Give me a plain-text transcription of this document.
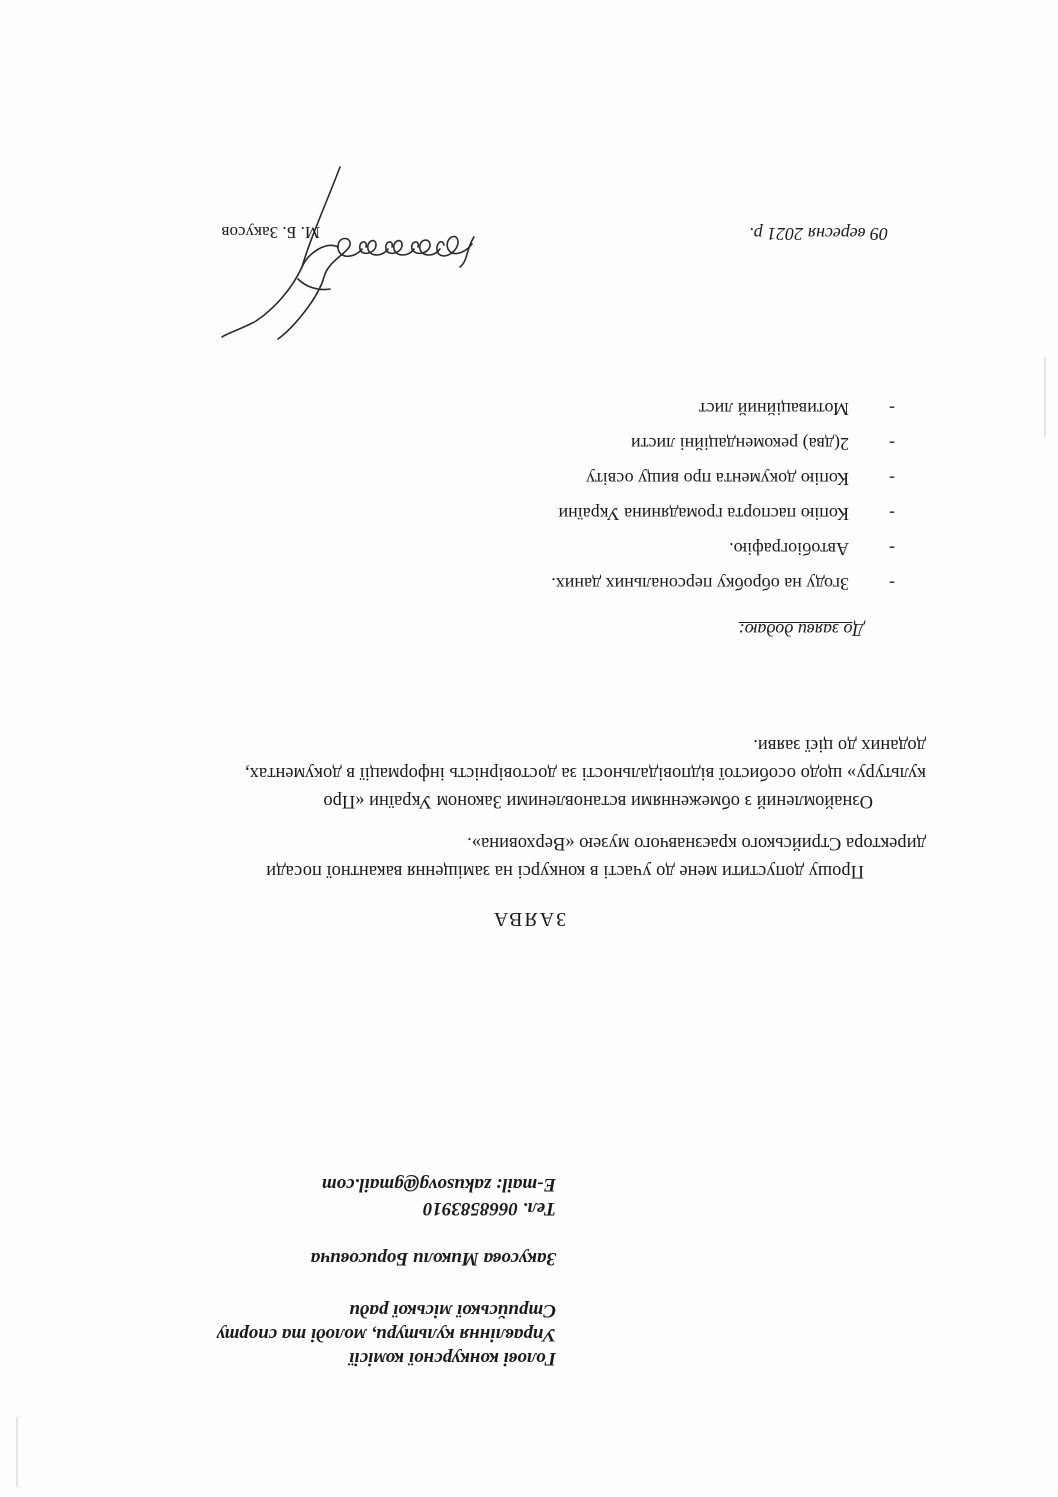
Голові конкурсної комісії
Управління культури, молоді та спорту
Стрийської міської ради
Закусова Миколи Борисовича
Тел. 0668583910
E-mail: zakusovg@gmail.com
ЗАЯВА
Прошу допустити мене до участі в конкурсі на заміщення вакантної посади
директора Стрийського краєзнавчого музею «Верховина».
Ознайомлений з обмеженнями встановленими Законом України «Про
культуру» щодо особистої відповідальності за достовірність інформації в документах,
доданих до цієї заяви.
До заяви додаю:
-
Згоду на обробку персональних даних.
-
Автобіографію.
-
Копію паспорта громадянина України
-
Копію документа про вищу освіту
-
2(два) рекомендаційні листи
-
Мотиваційний лист
09 вересня 2021 р.
М. Б. Закусов
